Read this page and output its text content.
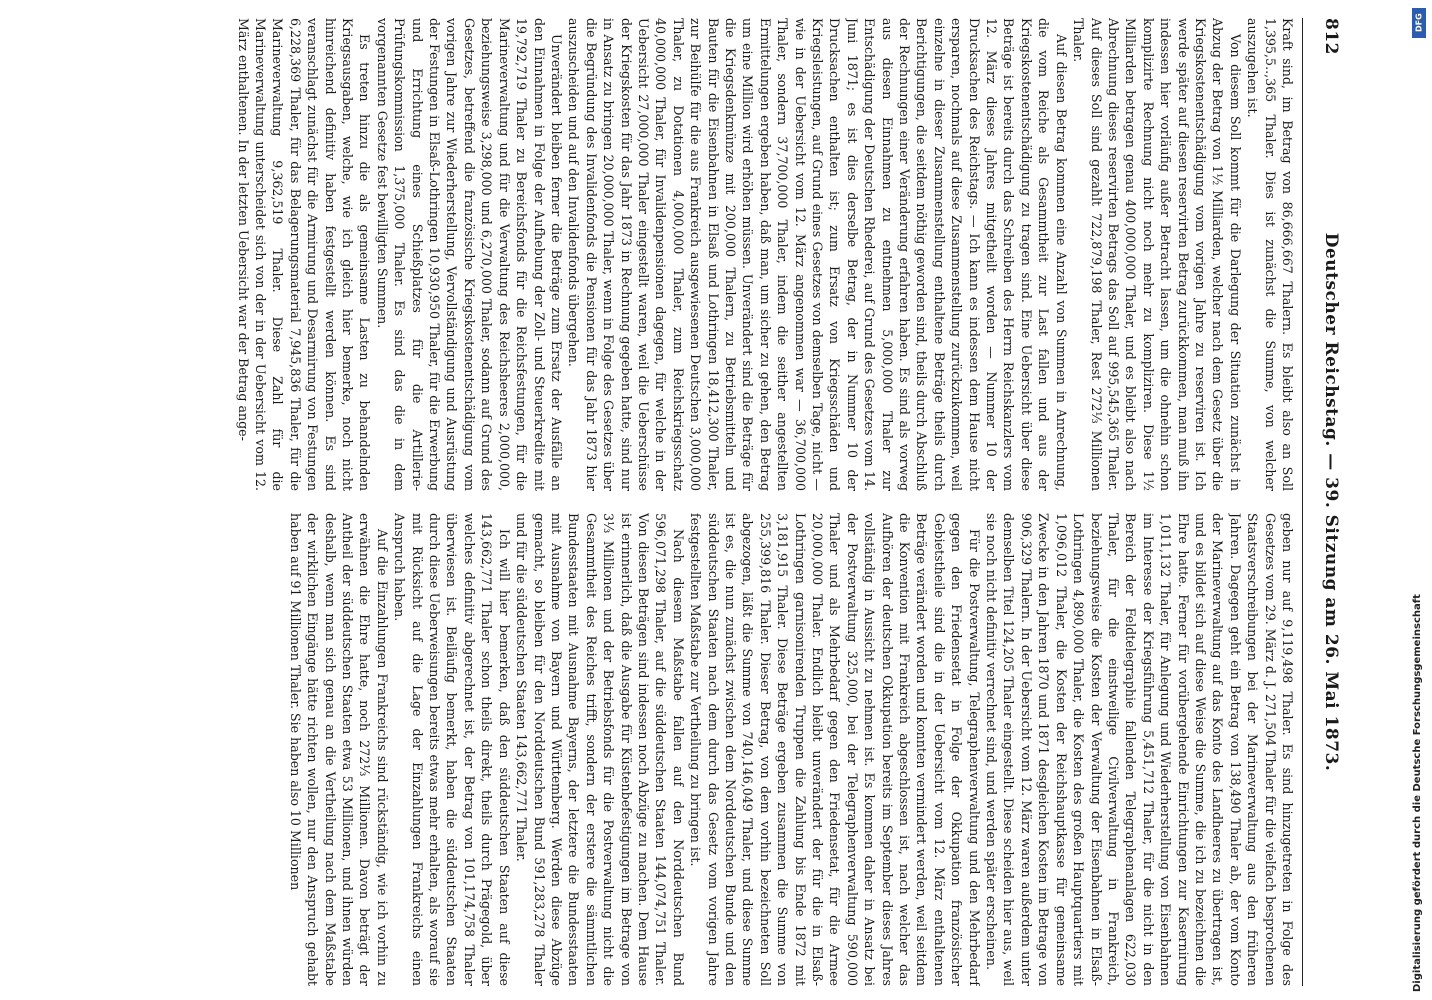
812
Deutscher Reichstag. — 39. Sitzung am 26. Mai 1873.

Kraft sind, im Betrag von 86,666,667 Thalern. Es bleibt also an Soll 1,395,5..,365 Thaler. Dies ist zunächst die Summe, von welcher auszugehen ist.

Von diesem Soll kommt für die Darlegung der Situation zunächst in Abzug der Betrag von 1½ Milliarden, welcher nach dem Gesetz über die Kriegskostenentschädigung vom vorigen Jahre zu reserviren ist. Ich werde später auf diesen reservirten Betrag zurückkommen, man muß ihn indessen hier vorläufig außer Betracht lassen, um die ohnehin schon komplizirte Rechnung nicht noch mehr zu kompliziren. Diese 1½ Milliarden betragen genau 400,000,000 Thaler, und es bleibt also nach Abrechnung dieses reservirten Betrags das Soll auf 995,545,365 Thaler. Auf dieses Soll sind gezahlt 722,879,198 Thaler, Rest 272⅓ Millionen Thaler.

Auf diesen Betrag kommen eine Anzahl von Summen in Anrechnung, die vom Reiche als Gesammtheit zur Last fallen und aus der Kriegskostenentschädigung zu tragen sind. Eine Uebersicht über diese Beträge ist bereits durch das Schreiben des Herrn Reichskanzlers vom 12. März dieses Jahres mitgetheilt worden — Nummer 10 der Drucksachen des Reichstags. — Ich kann es indessen dem Hause nicht ersparen, nochmals auf diese Zusammenstellung zurückzukommen, weil einzelne in dieser Zusammenstellung enthaltene Beträge theils durch Berichtigungen, die seitdem nöthig geworden sind, theils durch Abschluß der Rechnungen einer Veränderung erfahren haben. Es sind als vorweg aus diesen Einnahmen zu entnehmen 5,000,000 Thaler zur Entschädigung der Deutschen Rhederei, auf Grund des Gesetzes vom 14. Juni 1871; es ist dies derselbe Betrag, der in Nummer 10 der Drucksachen enthalten ist; zum Ersatz von Kriegsschäden und Kriegsleistungen, auf Grund eines Gesetzes von demselben Tage, nicht — wie in der Uebersicht vom 12. März angenommen war — 36,700,000 Thaler, sondern 37,700,000 Thaler, indem die seither angestellten Ermittelungen ergeben haben, daß man, um sicher zu gehen, den Betrag um eine Million wird erhöhen müssen. Unverändert sind die Beträge für die Kriegsdenkmünze mit 200,000 Thalern, zu Betriebsmitteln und Bauten für die Eisenbahnen in Elsaß und Lothringen 18,412,300 Thaler, zur Beihülfe für die aus Frankreich ausgewiesenen Deutschen 3,000,000 Thaler, zu Dotationen 4,000,000 Thaler, zum Reichskriegsschatz 40,000,000 Thaler, für Invalidenpensionen dagegen, für welche in der Uebersicht 27,000,000 Thaler eingestellt waren, weil die Ueberschüsse der Kriegskosten für das Jahr 1873 in Rechnung gegeben hatte, sind nur in Ansatz zu bringen 20,000,000 Thaler, wenn in Folge des Gesetzes über die Begründung des Invalidenfonds die Pensionen für das Jahr 1873 hier auszuscheiden und auf den Invalidenfonds übergehen.

Unverändert bleiben ferner die Beträge zum Ersatz der Ausfälle an den Einnahmen in Folge der Aufhebung der Zoll- und Steuerkredite mit 19,792,719 Thaler zu Bereichsfonds für die Reichsfestungen, für die Marineverwaltung und für die Verwaltung des Reichsheeres 2,000,000, beziehungsweise 3,298,000 und 6,270,000 Thaler, sodann auf Grund des Gesetzes, betreffend die französische Kriegskostenentschädigung vom vorigen Jahre zur Wiederherstellung, Vervollständigung und Ausrüstung der Festungen in Elsaß-Lothringen 10,930,950 Thaler, für die Erwerbung und Errichtung eines Schießplatzes für die Artillerie-Prüfungskommission 1,375,000 Thaler. Es sind das die in dem vorgenannten Gesetze fest bewilligten Summen.

Es treten hinzu die als gemeinsame Lasten zu behandelnden Kriegsausgaben, welche, wie ich gleich hier bemerke, noch nicht hinreichend definitiv haben festgestellt werden können. Es sind veranschlagt zunächst für die Armirung und Desarmirung von Festungen 6,228,369 Thaler, für das Belagerungsmaterial 7,945,836 Thaler, für die Marineverwaltung 9,362,519 Thaler. Diese Zahl für die Marineverwaltung unterscheidet sich von der in der Uebersicht vom 12. März enthaltenen. In der letzten Uebersicht war der Betrag ange-

geben nur auf 9,119,498 Thaler. Es sind hinzugetreten in Folge des Gesetzes vom 29. März d. J. 271,504 Thaler für die vielfach besprochenen Staatsverschreibungen bei der Marineverwaltung aus den früheren Jahren. Dagegen geht ein Betrag von 138,490 Thaler ab, der vom Konto der Marineverwaltung auf das Konto des Landheeres zu übertragen ist, und es bildet sich auf diese Weise die Summe, die ich zu bezeichnen die Ehre hatte. Ferner für vorübergehende Einrichtungen zur Kasernirung 1,011,132 Thaler, für Anlegung und Wiederherstellung von Eisenbahnen im Interesse der Kriegsführung 5,451,712 Thaler, für die nicht in den Bereich der Feldtelegraphie fallenden Telegraphenanlagen 622,030 Thaler, für die einstweilige Civilverwaltung in Frankreich, beziehungsweise die Kosten der Verwaltung der Eisenbahnen in Elsaß-Lothringen 4,890,000 Thaler, die Kosten des großen Hauptquartiers mit 1,096,012 Thaler, die Kosten der Reichshauptkasse für gemeinsame Zwecke in den Jahren 1870 und 1871 desgleichen Kosten im Betrage von 906,329 Thalern. In der Uebersicht vom 12. März waren außerdem unter demselben Titel 124,205 Thaler eingestellt. Diese scheiden hier aus, weil sie noch nicht definitiv verrechnet sind, und werden später erscheinen.

Für die Postverwaltung, Telegraphenverwaltung und den Mehrbedarf gegen den Friedensetat in Folge der Okkupation französischer Gebietstheile sind die in der Uebersicht vom 12. März enthaltenen Beträge verändert worden und konnten vermindert werden, weil seitdem die Konvention mit Frankreich abgeschlossen ist, nach welcher das Aufhören der deutschen Okkupation bereits im September dieses Jahres vollständig in Aussicht zu nehmen ist. Es kommen daher in Ansatz bei der Postverwaltung 325,000, bei der Telegraphenverwaltung 590,000 Thaler und als Mehrbedarf gegen den Friedensetat, für die Armee 20,000,000 Thaler. Endlich bleibt unverändert der für die in Elsaß-Lothringen garnisonirenden Truppen die Zahlung bis Ende 1872 mit 3,181,915 Thaler. Diese Beträge ergeben zusammen die Summe von 255,399,816 Thaler. Dieser Betrag, von dem vorhin bezeichneten Soll abgezogen, läßt die Summe von 740,146,049 Thaler, und diese Summe ist es, die nun zunächst zwischen dem Norddeutschen Bunde und den süddeutschen Staaten nach dem durch das Gesetz vom vorigen Jahre festgestellten Maßstabe zur Vertheilung zu bringen ist.

Nach diesem Maßstabe fallen auf den Norddeutschen Bund 596,071,298 Thaler, auf die süddeutschen Staaten 144,074,751 Thaler. Von diesen Beträgen sind indessen noch Abzüge zu machen. Dem Hause ist erinnerlich, daß die Ausgabe für Küstenbefestigungen im Betrage von 3⅓ Millionen und der Betriebsfonds für die Postverwaltung nicht die Gesammtheit des Reiches trifft, sondern der erstere die sämmtlichen Bundesstaaten mit Ausnahme Bayerns, der letztere die Bundesstaaten mit Ausnahme von Bayern und Württemberg. Werden diese Abzüge gemacht, so bleiben für den Norddeutschen Bund 591,283,278 Thaler und für die süddeutschen Staaten 143,662,771 Thaler.

Ich will hier bemerken, daß den süddeutschen Staaten auf diese 143,662,771 Thaler schon theils direkt, theils durch Prägegold, über welches definitiv abgerechnet ist, der Betrag von 101,174,758 Thaler überwiesen ist. Beiläufig bemerkt, haben die süddeutschen Staaten durch diese Ueberweisungen bereits etwas mehr erhalten, als worauf sie mit Rücksicht auf die Lage der Einzahlungen Frankreichs einen Anspruch haben.

Auf die Einzahlungen Frankreichs sind rückständig, wie ich vorhin zu erwähnen die Ehre hatte, noch 272⅓ Millionen. Davon beträgt der Antheil der süddeutschen Staaten etwa 53 Millionen, und ihnen würden deshalb, wenn man sich genau an die Vertheilung nach dem Maßstabe der wirklichen Eingänge hätte richten wollen, nur den Anspruch gehabt haben auf 91 Millionen Thaler. Sie haben also 10 Millionen	Digitalisierung gefördert durch die Deutsche Forschungsgemeinschaft
DFG
